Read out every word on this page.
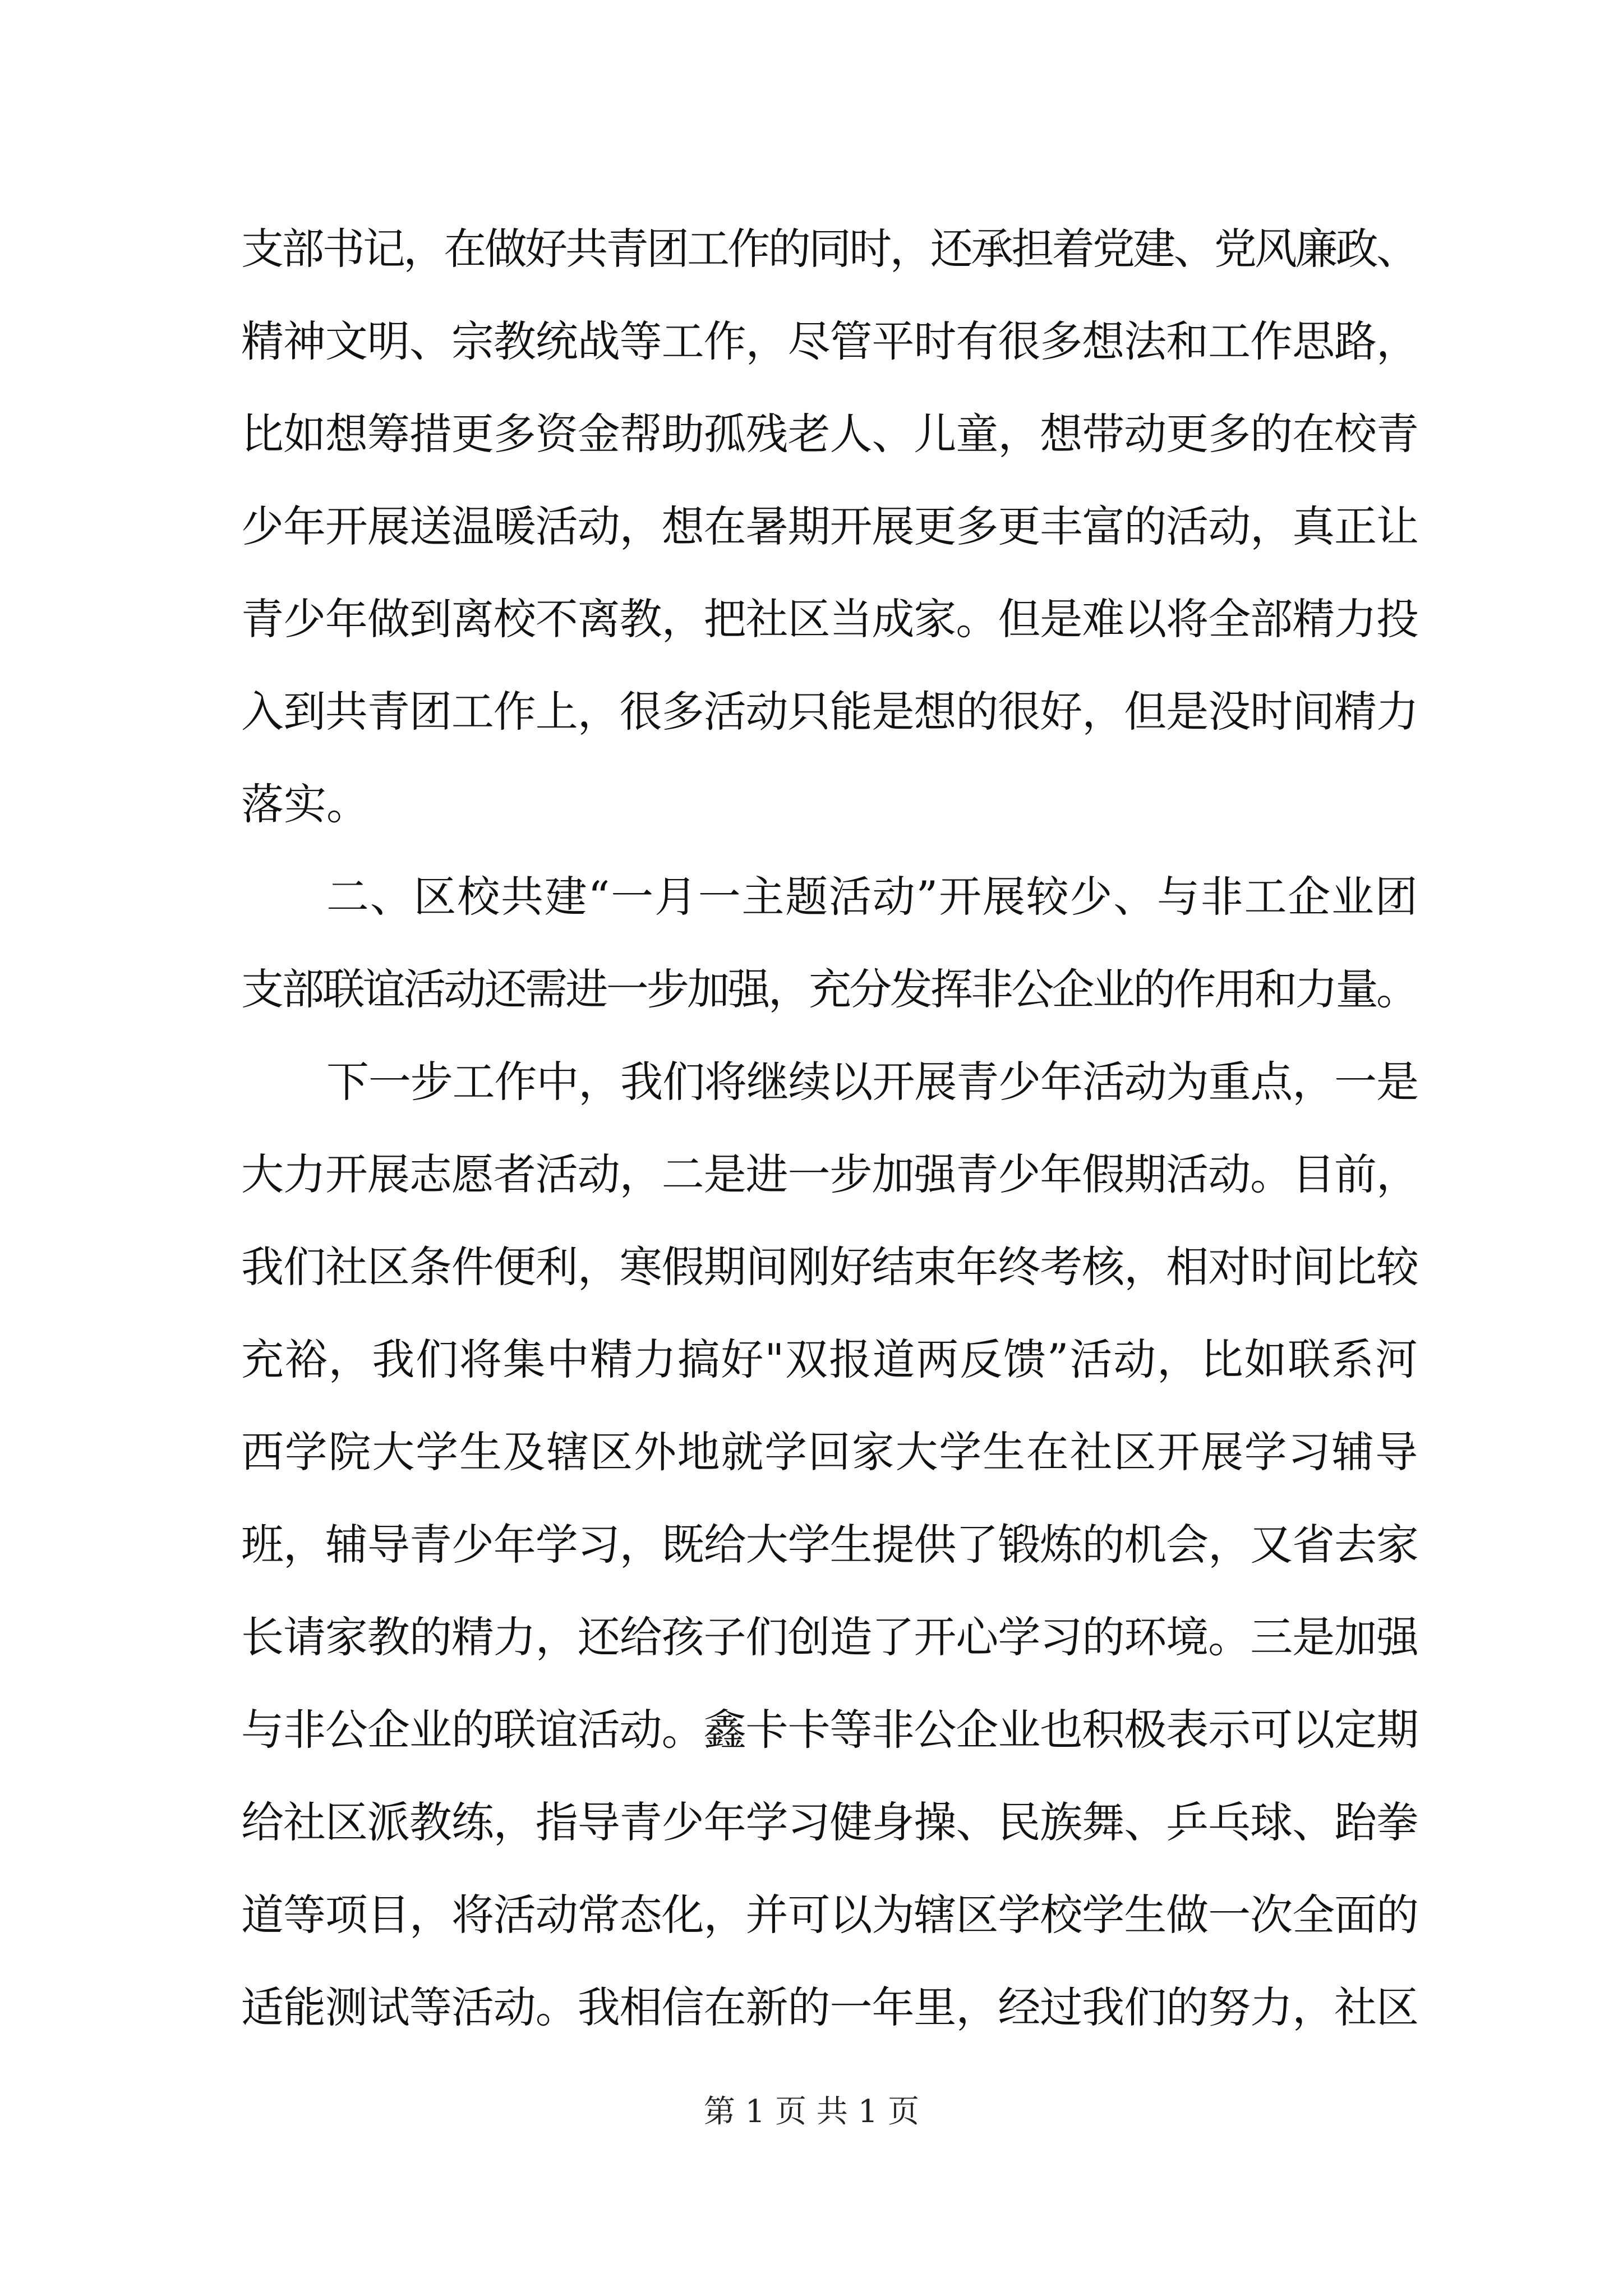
支部书记，在做好共青团工作的同时，还承担着党建、党风廉政、
精神文明、宗教统战等工作，尽管平时有很多想法和工作思路，
比如想筹措更多资金帮助孤残老人、儿童，想带动更多的在校青
少年开展送温暖活动，想在暑期开展更多更丰富的活动，真正让
青少年做到离校不离教，把社区当成家。但是难以将全部精力投
入到共青团工作上，很多活动只能是想的很好，但是没时间精力
落实。
二、区校共建“一月一主题活动”开展较少、与非工企业团
支部联谊活动还需进一步加强，充分发挥非公企业的作用和力量。
下一步工作中，我们将继续以开展青少年活动为重点，一是
大力开展志愿者活动，二是进一步加强青少年假期活动。目前，
我们社区条件便利，寒假期间刚好结束年终考核，相对时间比较
充裕，我们将集中精力搞好"双报道两反馈”活动，比如联系河
西学院大学生及辖区外地就学回家大学生在社区开展学习辅导
班，辅导青少年学习，既给大学生提供了锻炼的机会，又省去家
长请家教的精力，还给孩子们创造了开心学习的环境。三是加强
与非公企业的联谊活动。鑫卡卡等非公企业也积极表示可以定期
给社区派教练，指导青少年学习健身操、民族舞、乒乓球、跆拳
道等项目，将活动常态化，并可以为辖区学校学生做一次全面的
适能测试等活动。我相信在新的一年里，经过我们的努力，社区
第 1 页 共 1 页
